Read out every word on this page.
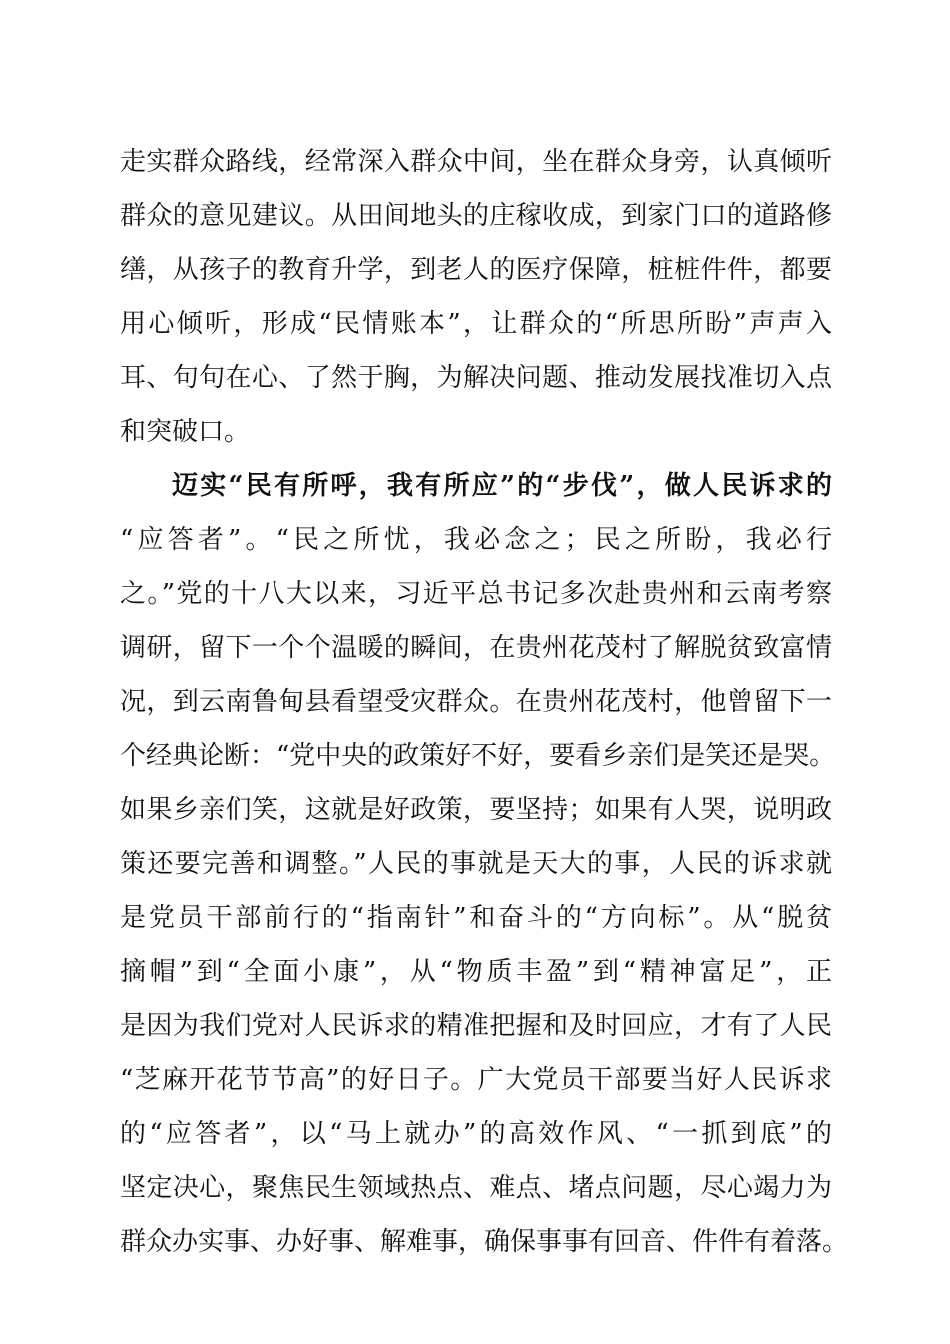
走实群众路线，经常深入群众中间，坐在群众身旁，认真倾听
群众的意见建议。从田间地头的庄稼收成，到家门口的道路修
缮，从孩子的教育升学，到老人的医疗保障，桩桩件件，都要
用心倾听，形成“民情账本”，让群众的“所思所盼”声声入
耳、句句在心、了然于胸，为解决问题、推动发展找准切入点
和突破口。
迈实“民有所呼，我有所应”的“步伐”，做人民诉求的
“应答者”。“民之所忧，我必念之；民之所盼，我必行
之。”党的十八大以来，习近平总书记多次赴贵州和云南考察
调研，留下一个个温暖的瞬间，在贵州花茂村了解脱贫致富情
况，到云南鲁甸县看望受灾群众。在贵州花茂村，他曾留下一
个经典论断：“党中央的政策好不好，要看乡亲们是笑还是哭。
如果乡亲们笑，这就是好政策，要坚持；如果有人哭，说明政
策还要完善和调整。”人民的事就是天大的事，人民的诉求就
是党员干部前行的“指南针”和奋斗的“方向标”。从“脱贫
摘帽”到“全面小康”，从“物质丰盈”到“精神富足”，正
是因为我们党对人民诉求的精准把握和及时回应，才有了人民
“芝麻开花节节高”的好日子。广大党员干部要当好人民诉求
的“应答者”，以“马上就办”的高效作风、“一抓到底”的
坚定决心，聚焦民生领域热点、难点、堵点问题，尽心竭力为
群众办实事、办好事、解难事，确保事事有回音、件件有着落。
